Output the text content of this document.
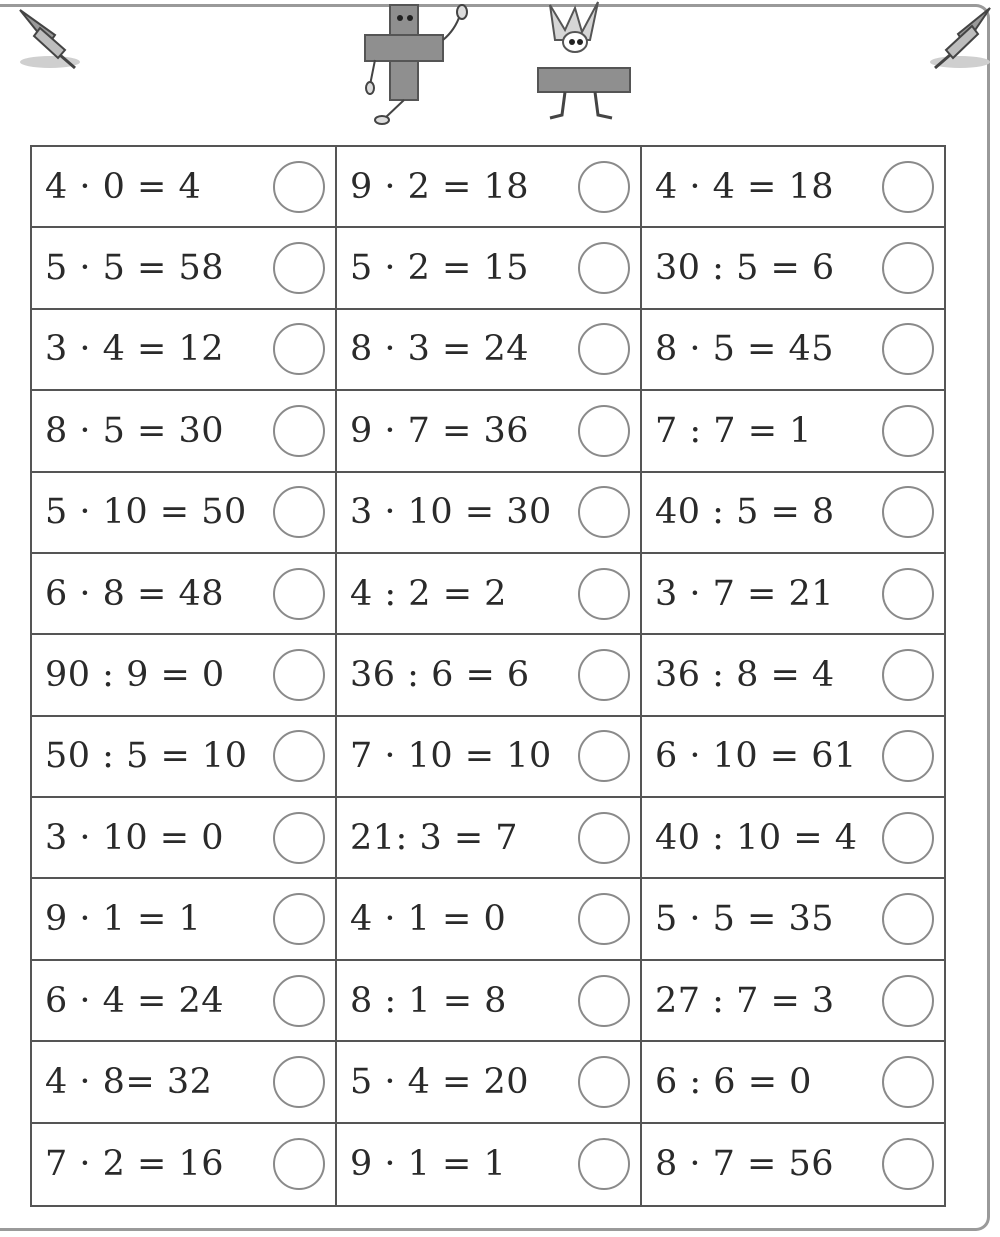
4 · 0 = 4	9 · 2 = 18	4 · 4 = 18
5 · 5 = 58	5 · 2 = 15	30 : 5 = 6
3 · 4 = 12	8 · 3 = 24	8 · 5 = 45
8 · 5 = 30	9 · 7 = 36	7 : 7 = 1
5 · 10 = 50	3 · 10 = 30	40 : 5 = 8
6 · 8 = 48	4 : 2 = 2	3 · 7 = 21
90 : 9 = 0	36 : 6 = 6	36 : 8 = 4
50 : 5 = 10	7 · 10 = 10	6 · 10 = 61
3 · 10 = 0	21: 3 = 7	40 : 10 = 4
9 · 1 = 1	4 · 1 = 0	5 · 5 = 35
6 · 4 = 24	8 : 1 = 8	27 : 7 = 3
4 · 8= 32	5 · 4 = 20	6 : 6 = 0
7 · 2 = 16	9 · 1 = 1	8 · 7 = 56
